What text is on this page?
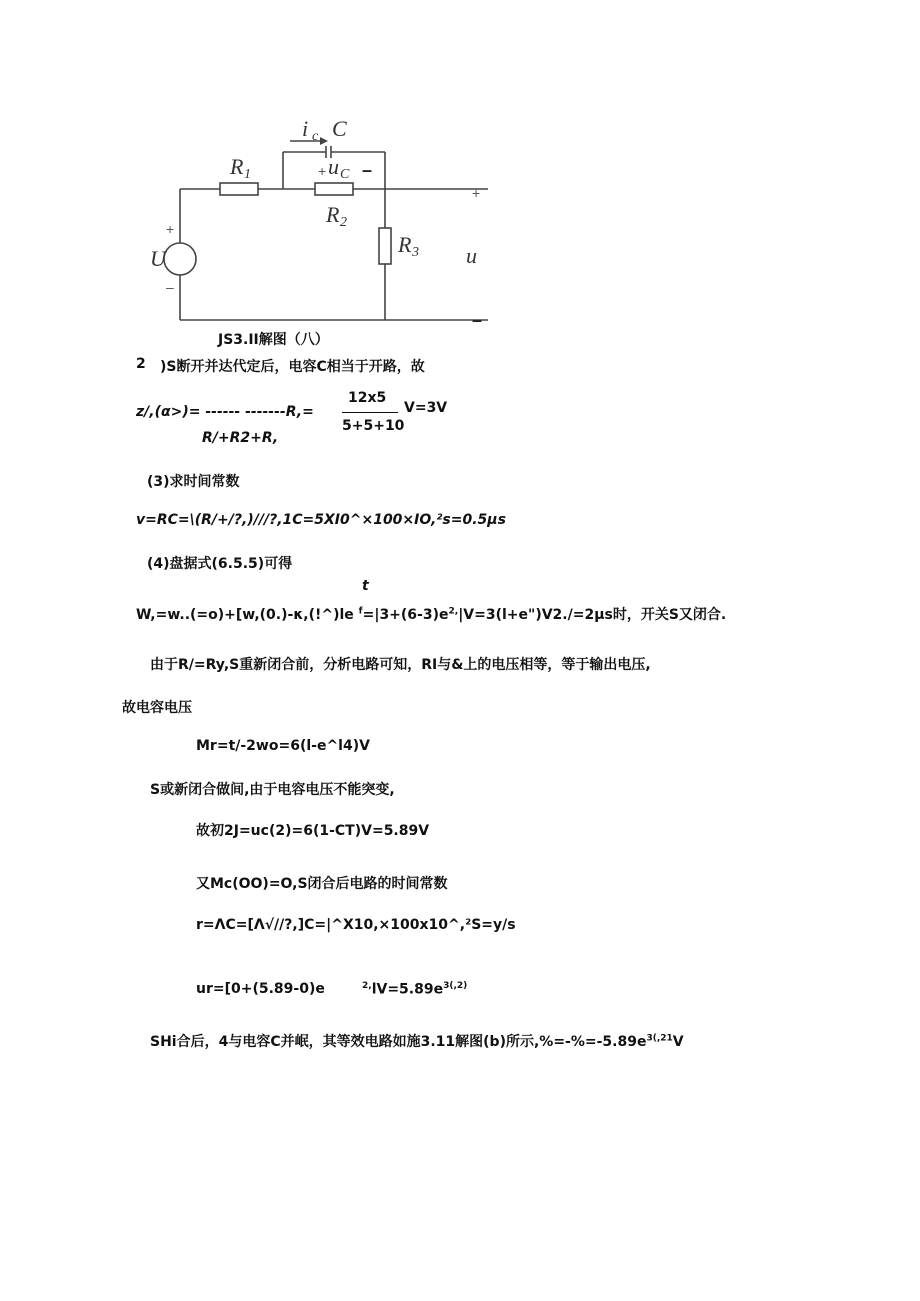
i c C
R 1	+ u C –
R 2
R 3
+
U
–
+
u
–
JS3.II解图（八）
2 )S断开并达代定后，电容C相当于开路，故
z/,(α>)= ------ -------R,=
R/+R2+R,
12x5
5+5+10
V=3V
(3)求时间常数
v=RC=\(R/+/?,)///?,1C=5XI0^×100×IO,²s=0.5μs
(4)盘据式(6.5.5)可得
t
W,=w..(=o)+[w,(0.)-κ,(!^)le $^f=|3+(6-3)e^{2,}|V=3(l+e")V2./=2\mu s$时，开关S又闭合.
由于R/=Ry,S重新闭合前，分析电路可知，RI与&上的电压相等，等于输出电压,
故电容电压
Mr=t/-2wo=6(l-e^l4)V
S或新闭合做间,由于电容电压不能突变,
故初2J=uc(2)=6(1-CT)V=5.89V
又Mc(OO)=O,S闭合后电路的时间常数
r=ΛC=[Λ√//?,]C=|^X10,×100x10^,²S=y/s
ur=[0+(5.89-0)e	$^{2,}lV=5.89e^{3(,2)}$
SHi合后，4与电容C并岷，其等效电路如施3.11解图(b)所示$,\%=-\%=-5.89e^{3(,21}V$
